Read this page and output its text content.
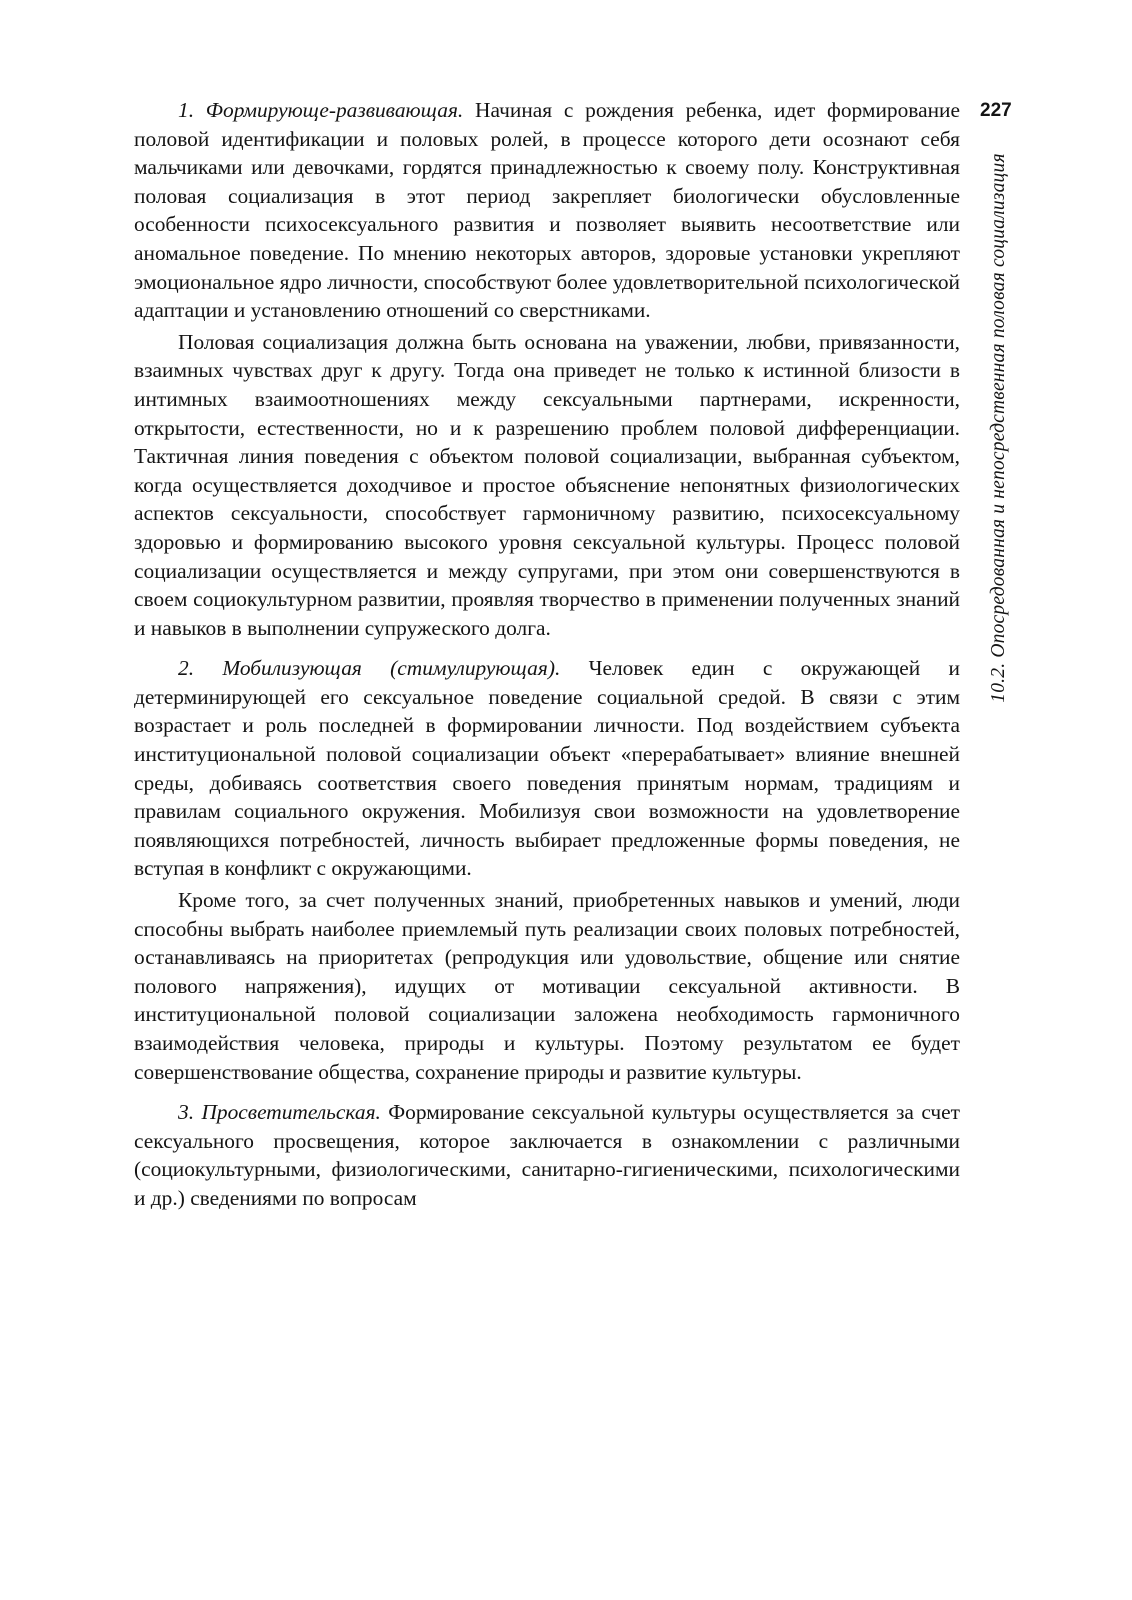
227
10.2. Опосредованная и непосредственная половая социализация

1. Формирующе-развивающая. Начиная с рождения ребенка, идет формирование половой идентификации и половых ролей, в процессе которого дети осознают себя мальчиками или девочками, гордятся принадлежностью к своему полу. Конструктивная половая социализация в этот период закрепляет биологически обусловленные особенности психосексуального развития и позволяет выявить несоответствие или аномальное поведение. По мнению некоторых авторов, здоровые установки укрепляют эмоциональное ядро личности, способствуют более удовлетворительной психологической адаптации и установлению отношений со сверстниками.

Половая социализация должна быть основана на уважении, любви, привязанности, взаимных чувствах друг к другу. Тогда она приведет не только к истинной близости в интимных взаимоотношениях между сексуальными партнерами, искренности, открытости, естественности, но и к разрешению проблем половой дифференциации. Тактичная линия поведения с объектом половой социализации, выбранная субъектом, когда осуществляется доходчивое и простое объяснение непонятных физиологических аспектов сексуальности, способствует гармоничному развитию, психосексуальному здоровью и формированию высокого уровня сексуальной культуры. Процесс половой социализации осуществляется и между супругами, при этом они совершенствуются в своем социокультурном развитии, проявляя творчество в применении полученных знаний и навыков в выполнении супружеского долга.

2. Мобилизующая (стимулирующая). Человек един с окружающей и детерминирующей его сексуальное поведение социальной средой. В связи с этим возрастает и роль последней в формировании личности. Под воздействием субъекта институциональной половой социализации объект «перерабатывает» влияние внешней среды, добиваясь соответствия своего поведения принятым нормам, традициям и правилам социального окружения. Мобилизуя свои возможности на удовлетворение появляющихся потребностей, личность выбирает предложенные формы поведения, не вступая в конфликт с окружающими.

Кроме того, за счет полученных знаний, приобретенных навыков и умений, люди способны выбрать наиболее приемлемый путь реализации своих половых потребностей, останавливаясь на приоритетах (репродукция или удовольствие, общение или снятие полового напряжения), идущих от мотивации сексуальной активности. В институциональной половой социализации заложена необходимость гармоничного взаимодействия человека, природы и культуры. Поэтому результатом ее будет совершенствование общества, сохранение природы и развитие культуры.

3. Просветительская. Формирование сексуальной культуры осуществляется за счет сексуального просвещения, которое заключается в ознакомлении с различными (социокультурными, физиологическими, санитарно-гигиеническими, психологическими и др.) сведениями по вопросам
